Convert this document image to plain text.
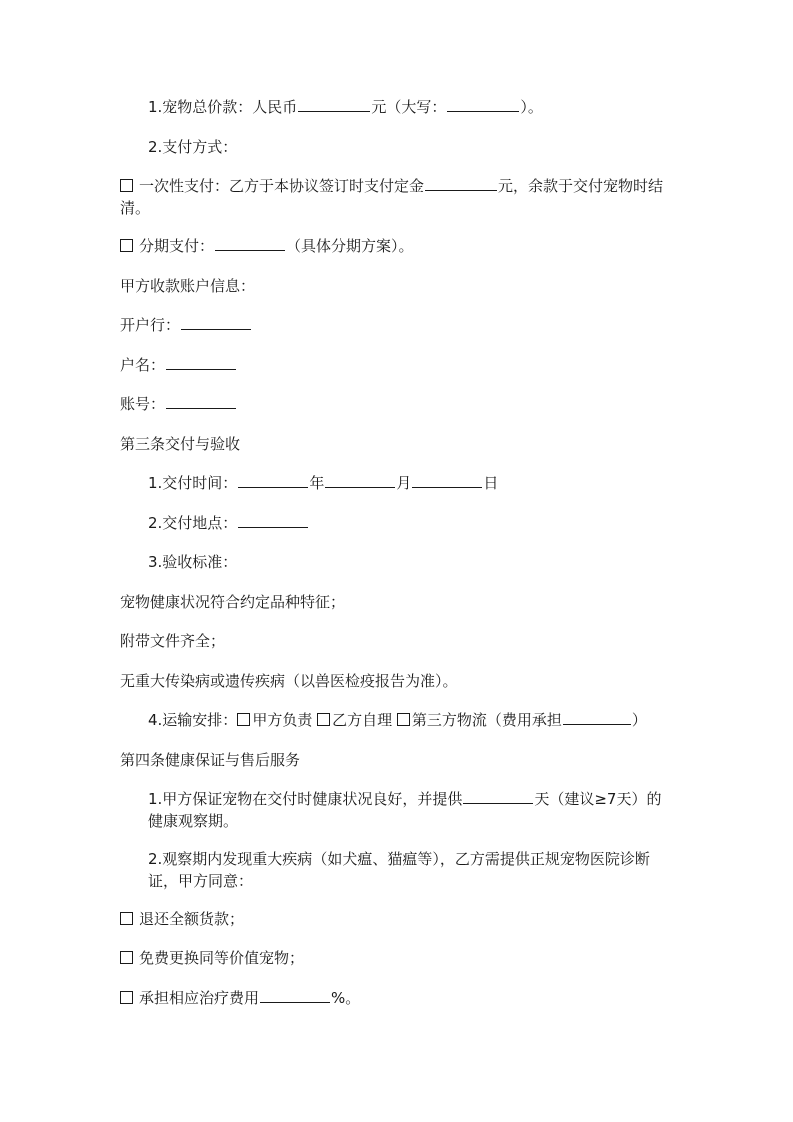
1.宠物总价款：人民币	元（大写：	）。
2.支付方式：
一次性支付：乙方于本协议签订时支付定金	元，余款于交付宠物时结清。
分期支付：	（具体分期方案）。
甲方收款账户信息：
开户行：
户名：
账号：
第三条交付与验收
1.交付时间：	年	月	日
2.交付地点：
3.验收标准：
宠物健康状况符合约定品种特征；
附带文件齐全；
无重大传染病或遗传疾病（以兽医检疫报告为准）。
4.运输安排： 甲方负责 乙方自理 第三方物流（费用承担	）
第四条健康保证与售后服务
1.甲方保证宠物在交付时健康状况良好，并提供	天（建议≥7天）的健康观察期。
2.观察期内发现重大疾病（如犬瘟、猫瘟等），乙方需提供正规宠物医院诊断证，甲方同意：
退还全额货款；
免费更换同等价值宠物；
承担相应治疗费用	%。
